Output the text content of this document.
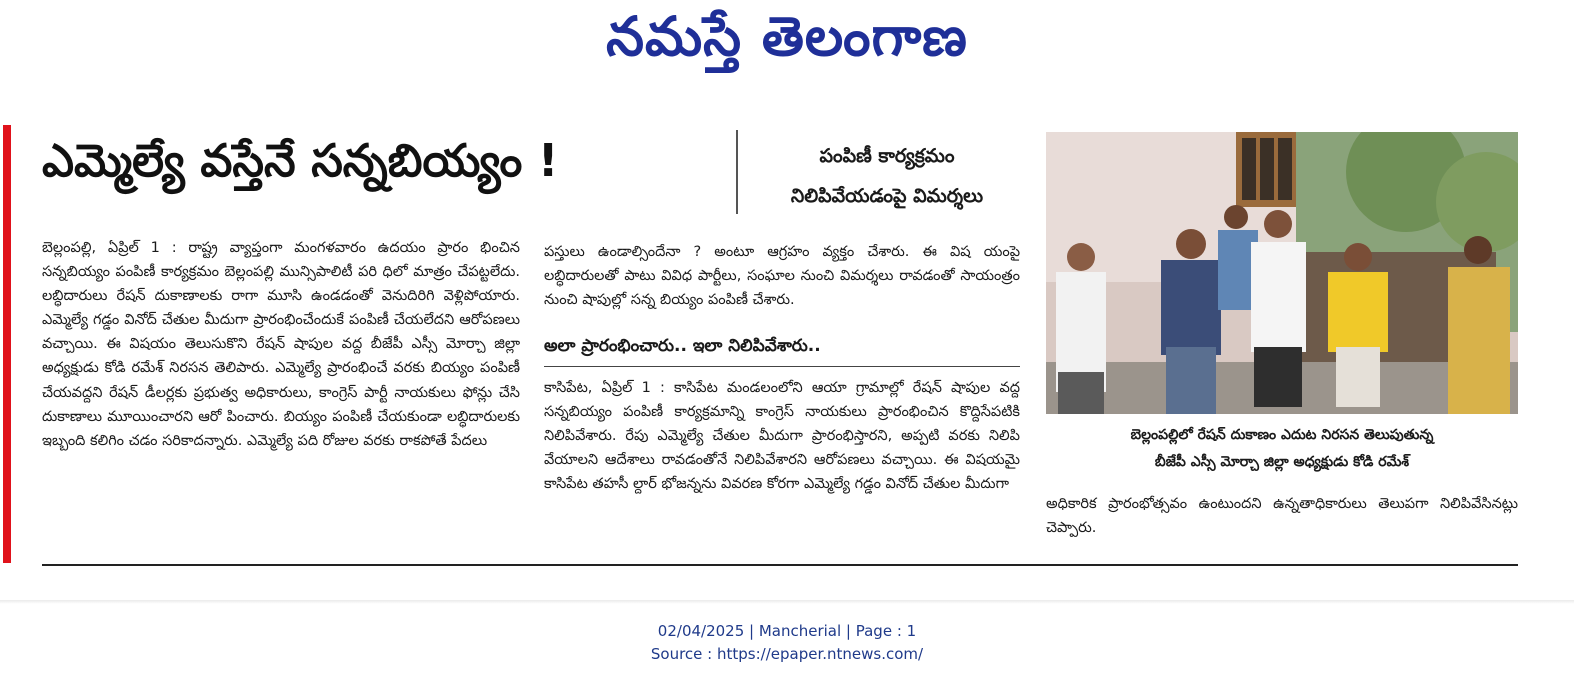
నమస్తే తెలంగాణ
ఎమ్మెల్యే వస్తేనే సన్నబియ్యం !	పంపిణీ కార్యక్రమం
నిలిపివేయడంపై విమర్శలు
బెల్లంపల్లిలో రేషన్ దుకాణం ఎదుట నిరసన తెలుపుతున్న
బీజేపీ ఎస్సీ మోర్చా జిల్లా అధ్యక్షుడు కోడి రమేశ్
బెల్లంపల్లి, ఏప్రిల్ 1 : రాష్ట్ర వ్యాప్తంగా మంగళవారం ఉదయం ప్రారం భించిన సన్నబియ్యం పంపిణీ కార్యక్రమం బెల్లంపల్లి మున్సిపాలిటీ పరి ధిలో మాత్రం చేపట్టలేదు. లబ్ధిదారులు రేషన్ దుకాణాలకు రాగా మూసి ఉండడంతో వెనుదిరిగి వెళ్లిపోయారు. ఎమ్మెల్యే గడ్డం వినోద్ చేతుల మీదుగా ప్రారంభించేందుకే పంపిణీ చేయలేదని ఆరోపణలు వచ్చాయి. ఈ విషయం తెలుసుకొని రేషన్ షాపుల వద్ద బీజేపీ ఎస్సీ మోర్చా జిల్లా అధ్యక్షుడు కోడి రమేశ్ నిరసన తెలిపారు. ఎమ్మెల్యే ప్రారంభించే వరకు బియ్యం పంపిణీ చేయవద్దని రేషన్ డీలర్లకు ప్రభుత్వ అధికారులు, కాంగ్రెస్ పార్టీ నాయకులు ఫోన్లు చేసి దుకాణాలు మూయించారని ఆరో పించారు. బియ్యం పంపిణీ చేయకుండా లబ్ధిదారులకు ఇబ్బంది కలిగిం చడం సరికాదన్నారు. ఎమ్మెల్యే పది రోజుల వరకు రాకపోతే పేదలు
పస్తులు ఉండాల్సిందేనా ? అంటూ ఆగ్రహం వ్యక్తం చేశారు. ఈ విష యంపై లబ్ధిదారులతో పాటు వివిధ పార్టీలు, సంఘాల నుంచి విమర్శలు రావడంతో సాయంత్రం నుంచి షాపుల్లో సన్న బియ్యం పంపిణీ చేశారు.
అలా ప్రారంభించారు.. ఇలా నిలిపివేశారు..
కాసిపేట, ఏప్రిల్ 1 : కాసిపేట మండలంలోని ఆయా గ్రామాల్లో రేషన్ షాపుల వద్ద సన్నబియ్యం పంపిణీ కార్యక్రమాన్ని కాంగ్రెస్ నాయకులు ప్రారంభించిన కొద్దిసేపటికి నిలిపివేశారు. రేపు ఎమ్మెల్యే చేతుల మీదుగా ప్రారంభిస్తారని, అప్పటి వరకు నిలిపి వేయాలని ఆదేశాలు రావడంతోనే నిలిపివేశారని ఆరోపణలు వచ్చాయి. ఈ విషయమై కాసిపేట తహసీ ల్దార్ భోజన్నను వివరణ కోరగా ఎమ్మెల్యే గడ్డం వినోద్ చేతుల మీదుగా
అధికారిక ప్రారంభోత్సవం ఉంటుందని ఉన్నతాధికారులు తెలుపగా నిలిపివేసినట్లు చెప్పారు.
02/04/2025 | Mancherial | Page : 1
Source : https://epaper.ntnews.com/
